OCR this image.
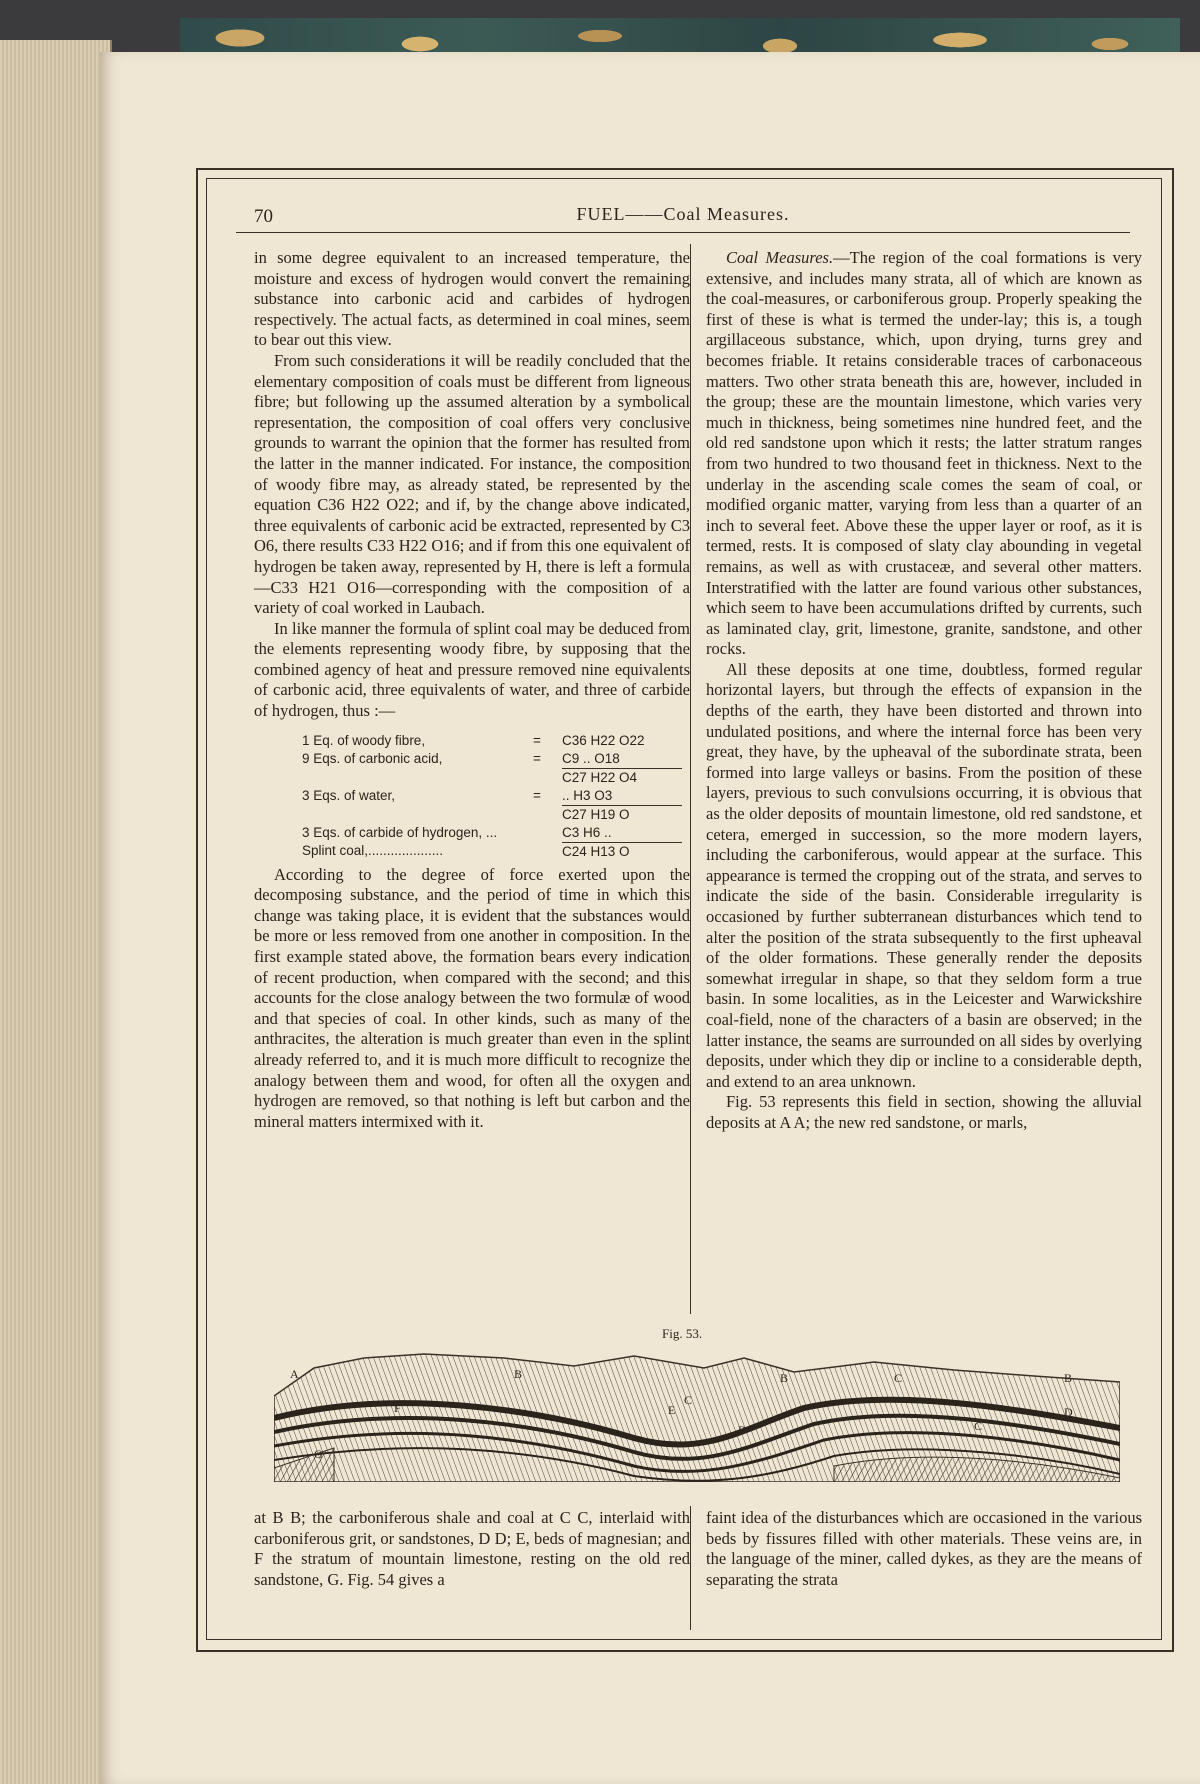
70	FUEL——Coal Measures.

in some degree equivalent to an increased temperature, the moisture and excess of hydrogen would convert the remaining substance into carbonic acid and carbides of hydrogen respectively. The actual facts, as determined in coal mines, seem to bear out this view.

From such considerations it will be readily concluded that the elementary composition of coals must be different from ligneous fibre; but following up the assumed alteration by a symbolical representation, the composition of coal offers very conclusive grounds to warrant the opinion that the former has resulted from the latter in the manner indicated. For instance, the composition of woody fibre may, as already stated, be represented by the equation C36 H22 O22; and if, by the change above indicated, three equivalents of carbonic acid be extracted, represented by C3 O6, there results C33 H22 O16; and if from this one equivalent of hydrogen be taken away, represented by H, there is left a formula—C33 H21 O16—corresponding with the composition of a variety of coal worked in Laubach.

In like manner the formula of splint coal may be deduced from the elements representing woody fibre, by supposing that the combined agency of heat and pressure removed nine equivalents of carbonic acid, three equivalents of water, and three of carbide of hydrogen, thus :—

1 Eq. of woody fibre,	=	C36 H22 O22
9 Eqs. of carbonic acid,	=	C9 .. O18
C27 H22 O4
3 Eqs. of water,	=	.. H3 O3
C27 H19 O
3 Eqs. of carbide of hydrogen, ...	C3 H6 ..
Splint coal,....................	C24 H13 O

According to the degree of force exerted upon the decomposing substance, and the period of time in which this change was taking place, it is evident that the substances would be more or less removed from one another in composition. In the first example stated above, the formation bears every indication of recent production, when compared with the second; and this accounts for the close analogy between the two formulæ of wood and that species of coal. In other kinds, such as many of the anthracites, the alteration is much greater than even in the splint already referred to, and it is much more difficult to recognize the analogy between them and wood, for often all the oxygen and hydrogen are removed, so that nothing is left but carbon and the mineral matters intermixed with it.

Coal Measures.—The region of the coal formations is very extensive, and includes many strata, all of which are known as the coal-measures, or carboniferous group. Properly speaking the first of these is what is termed the under-lay; this is, a tough argillaceous substance, which, upon drying, turns grey and becomes friable. It retains considerable traces of carbonaceous matters. Two other strata beneath this are, however, included in the group; these are the mountain limestone, which varies very much in thickness, being sometimes nine hundred feet, and the old red sandstone upon which it rests; the latter stratum ranges from two hundred to two thousand feet in thickness. Next to the underlay in the ascending scale comes the seam of coal, or modified organic matter, varying from less than a quarter of an inch to several feet. Above these the upper layer or roof, as it is termed, rests. It is composed of slaty clay abounding in vegetal remains, as well as with crustaceæ, and several other matters. Interstratified with the latter are found various other substances, which seem to have been accumulations drifted by currents, such as laminated clay, grit, limestone, granite, sandstone, and other rocks.

All these deposits at one time, doubtless, formed regular horizontal layers, but through the effects of expansion in the depths of the earth, they have been distorted and thrown into undulated positions, and where the internal force has been very great, they have, by the upheaval of the subordinate strata, been formed into large valleys or basins. From the position of these layers, previous to such convulsions occurring, it is obvious that as the older deposits of mountain limestone, old red sandstone, et cetera, emerged in succession, so the more modern layers, including the carboniferous, would appear at the surface. This appearance is termed the cropping out of the strata, and serves to indicate the side of the basin. Considerable irregularity is occasioned by further subterranean disturbances which tend to alter the position of the strata subsequently to the first upheaval of the older formations. These generally render the deposits somewhat irregular in shape, so that they seldom form a true basin. In some localities, as in the Leicester and Warwickshire coal-field, none of the characters of a basin are observed; in the latter instance, the seams are surrounded on all sides by overlying deposits, under which they dip or incline to a considerable depth, and extend to an area unknown.

Fig. 53 represents this field in section, showing the alluvial deposits at A A; the new red sandstone, or marls,

Fig. 53.
A
F
G
B	B	B
C
C
C
D
D
E

at B B; the carboniferous shale and coal at C C, interlaid with carboniferous grit, or sandstones, D D; E, beds of magnesian; and F the stratum of mountain limestone, resting on the old red sandstone, G. Fig. 54 gives a

faint idea of the disturbances which are occasioned in the various beds by fissures filled with other materials. These veins are, in the language of the miner, called dykes, as they are the means of separating the strata
